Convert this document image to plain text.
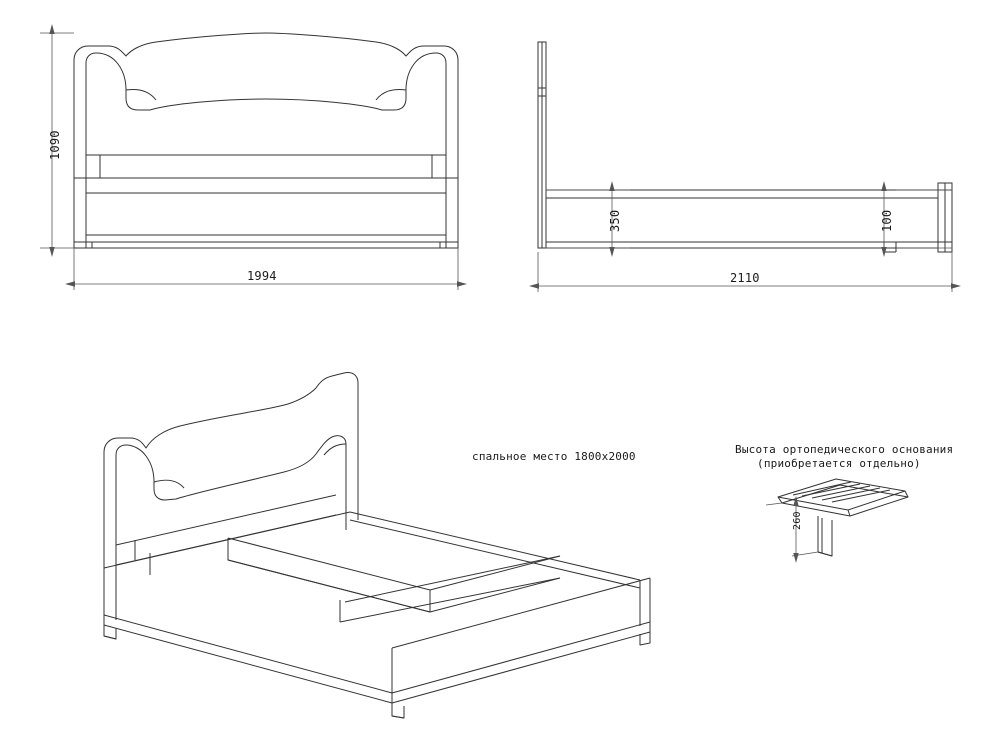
1090
1994
350	100
2110
260
спальное место 1800х2000
Высота ортопедического основания
(приобретается отдельно)
